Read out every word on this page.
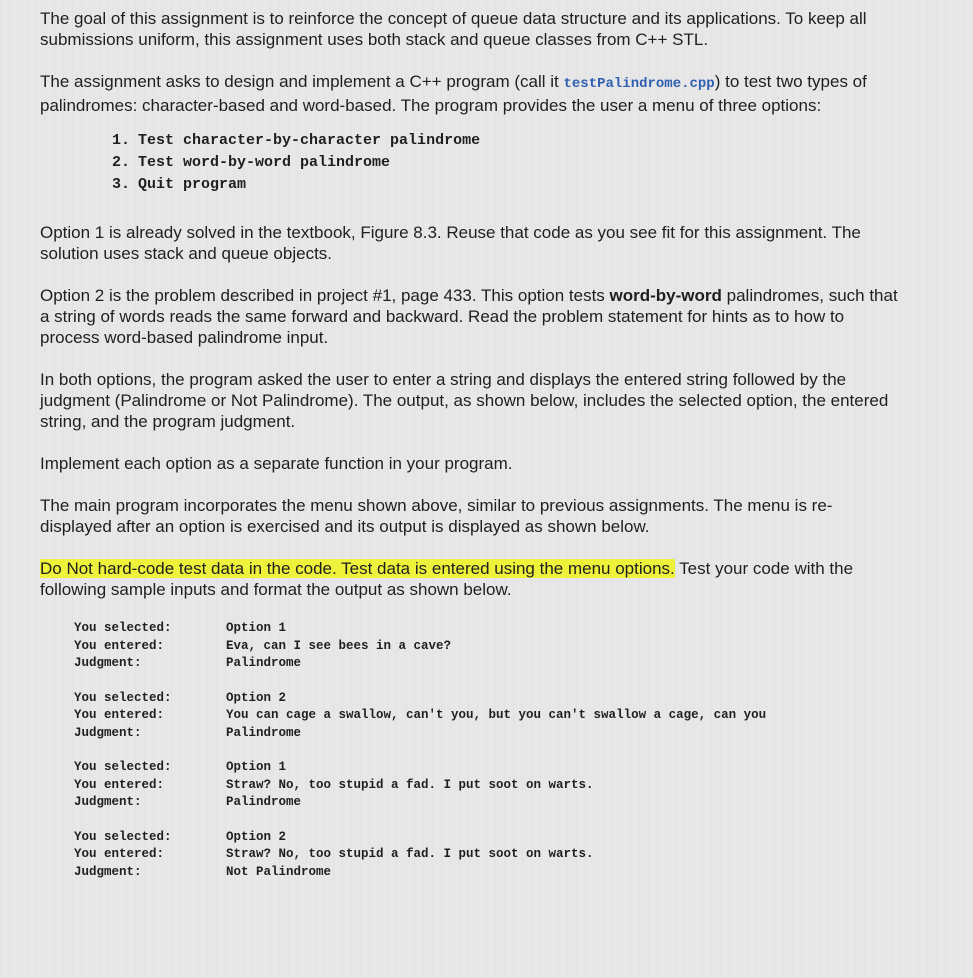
The goal of this assignment is to reinforce the concept of queue data structure and its applications. To keep all submissions uniform, this assignment uses both stack and queue classes from C++ STL.

The assignment asks to design and implement a C++ program (call it testPalindrome.cpp) to test two types of palindromes: character-based and word-based. The program provides the user a menu of three options:

1. Test character-by-character palindrome
2. Test word-by-word palindrome
3. Quit program

Option 1 is already solved in the textbook, Figure 8.3. Reuse that code as you see fit for this assignment. The solution uses stack and queue objects.

Option 2 is the problem described in project #1, page 433. This option tests word-by-word palindromes, such that a string of words reads the same forward and backward. Read the problem statement for hints as to how to process word-based palindrome input.

In both options, the program asked the user to enter a string and displays the entered string followed by the judgment (Palindrome or Not Palindrome). The output, as shown below, includes the selected option, the entered string, and the program judgment.

Implement each option as a separate function in your program.

The main program incorporates the menu shown above, similar to previous assignments. The menu is re-displayed after an option is exercised and its output is displayed as shown below.

Do Not hard-code test data in the code. Test data is entered using the menu options. Test your code with the following sample inputs and format the output as shown below.

You selected:
You entered:
Judgment:
Option 1
Eva, can I see bees in a cave?
Palindrome
You selected:
You entered:
Judgment:
Option 2
You can cage a swallow, can't you, but you can't swallow a cage, can you
Palindrome
You selected:
You entered:
Judgment:
Option 1
Straw? No, too stupid a fad. I put soot on warts.
Palindrome
You selected:
You entered:
Judgment:
Option 2
Straw? No, too stupid a fad. I put soot on warts.
Not Palindrome
